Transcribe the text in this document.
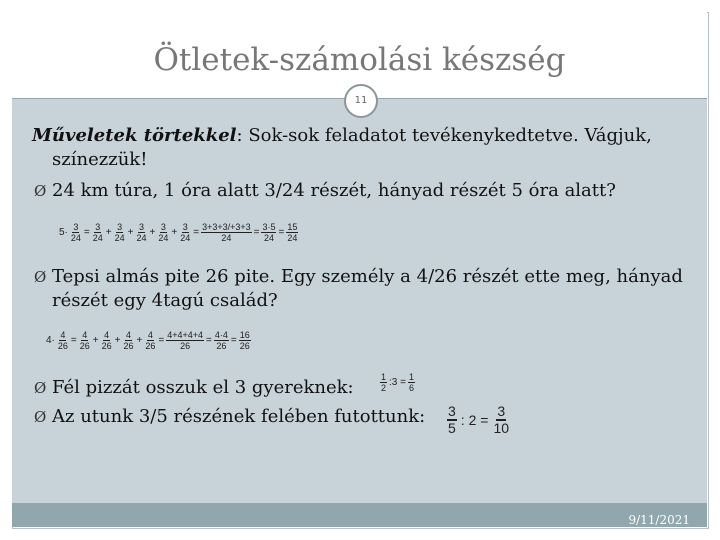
Ötletek-számolási készség
11
Műveletek törtekkel: Sok-sok feladatot tevékenykedtetve. Vágjuk,
színezzük!
Ø 24 km túra, 1 óra alatt 3/24 részét, hányad részét 5 óra alatt?
$5\cdot \frac{3}{24} = \frac{3}{24} + \frac{3}{24} + \frac{3}{24} + \frac{3}{24} + \frac{3}{24} = \frac{3+3+3/+3+3}{24} = \frac{3\cdot 5}{24} = \frac{15}{24}$
Ø Tepsi almás pite 26 pite. Egy személy a 4/26 részét ette meg, hányad
részét egy 4tagú család?
$4\cdot \frac{4}{26} = \frac{4}{26} + \frac{4}{26} + \frac{4}{26} + \frac{4}{26} = \frac{4+4+4+4}{26} = \frac{4\cdot 4}{26} = \frac{16}{26}$
Ø Fél pizzát osszuk el 3 gyereknek:	$\frac{1}{2}$ :3 = $\frac{1}{6}$
Ø Az utunk 3/5 részének felében futottunk: $\frac{3}{5}$ : $2 = \frac{3}{10}$
9/11/2021
